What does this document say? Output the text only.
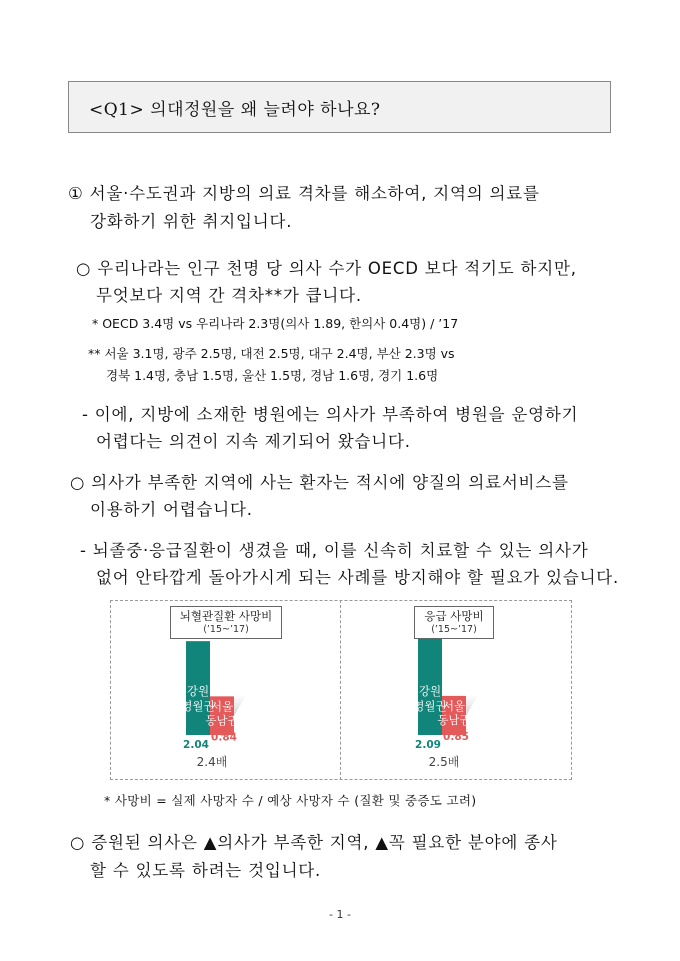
<Q1> 의대정원을 왜 늘려야 하나요?
① 서울·수도권과 지방의 의료 격차를 해소하여, 지역의 의료를
강화하기 위한 취지입니다.
○ 우리나라는 인구 천명 당 의사 수가 OECD 보다 적기도 하지만,
무엇보다 지역 간 격차**가 큽니다.
* OECD 3.4명 vs 우리나라 2.3명(의사 1.89, 한의사 0.4명) / ’17
** 서울 3.1명, 광주 2.5명, 대전 2.5명, 대구 2.4명, 부산 2.3명 vs
경북 1.4명, 충남 1.5명, 울산 1.5명, 경남 1.6명, 경기 1.6명
- 이에, 지방에 소재한 병원에는 의사가 부족하여 병원을 운영하기
어렵다는 의견이 지속 제기되어 왔습니다.
○ 의사가 부족한 지역에 사는 환자는 적시에 양질의 의료서비스를
이용하기 어렵습니다.
- 뇌졸중·응급질환이 생겼을 때, 이를 신속히 치료할 수 있는 의사가
없어 안타깝게 돌아가시게 되는 사례를 방지해야 할 필요가 있습니다.
뇌혈관질환 사망비
(’15~’17)
응급 사망비
(’15~’17)
강원
영월권
서울
동남권
2.04
0.84
2.4배
강원
영월권
서울
동남권
2.09
0.85
2.5배
* 사망비 = 실제 사망자 수 / 예상 사망자 수 (질환 및 중증도 고려)
○ 증원된 의사은 ▲의사가 부족한 지역, ▲꼭 필요한 분야에 종사
할 수 있도록 하려는 것입니다.
- 1 -
